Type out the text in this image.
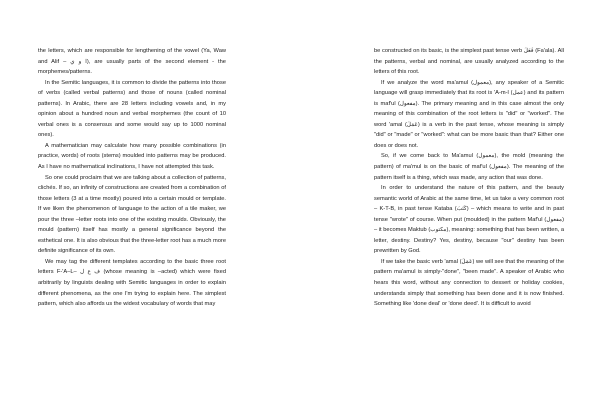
the letters, which are responsible for lengthening of the vowel (Ya, Waw and Alif – ا و ي), are usually parts of the second element - the morphemes/patterns.

In the Semitic languages, it is common to divide the patterns into those of verbs (called verbal patterns) and those of nouns (called nominal patterns). In Arabic, there are 28 letters including vowels and, in my opinion about a hundred noun and verbal morphemes (the count of 10 verbal ones is a consensus and some would say up to 1000 nominal ones).

A mathematician may calculate how many possible combinations (in practice, words) of roots (stems) moulded into patterns may be produced. As I have no mathematical inclinations, I have not attempted this task.

So one could proclaim that we are talking about a collection of patterns, clichés. If so, an infinity of constructions are created from a combination of those letters (3 at a time mostly) poured into a certain mould or template. If we liken the phenomenon of language to the action of a tile maker, we pour the three –letter roots into one of the existing moulds. Obviously, the mould (pattern) itself has mostly a general significance beyond the esthetical one. It is also obvious that the three-letter root has a much more definite significance of its own.

We may tag the different templates according to the basic three root letters F-'A–L– ف ع ل (whose meaning is –acted) which were fixed arbitrarily by linguists dealing with Semitic languages in order to explain different phenomena, as the one I'm trying to explain here. The simplest pattern, which also affords us the widest vocabulary of words that may

be constructed on its basic, is the simplest past tense verb فَعَلَ (Fa'ala). All the patterns, verbal and nominal, are usually analyzed according to the letters of this root.

If we analyze the word ma'amul (معمول), any speaker of a Semitic language will grasp immediately that its root is 'A-m-l (عمل) and its pattern is maf'ul (مفعول). The primary meaning and in this case almost the only meaning of this combination of the root letters is "did" or "worked". The word 'amal (عَمَلَ) is a verb in the past tense, whose meaning is simply "did" or "made" or "worked": what can be more basic than that? Either one does or does not.

So, if we come back to Ma'amul (معمول), the mold (meaning the pattern) of ma'mul is on the basic of maf'ul (مفعول). The meaning of the pattern itself is a thing, which was made, any action that was done.

In order to understand the nature of this pattern, and the beauty semantic world of Arabic at the same time, let us take a very common root – K-T-B, in past tense Kataba (كَتَبَ) – which means to write and in past tense "wrote" of course. When put (moulded) in the pattern Maf'ul (مفعول) – it becomes Maktub (مكتوب), meaning: something that has been written, a letter, destiny. Destiny? Yes, destiny, because "our" destiny has been prewritten by God.

If we take the basic verb 'amal (عَمَلَ) we will see that the meaning of the pattern ma'amul is simply-"done", "been made". A speaker of Arabic who hears this word, without any connection to dessert or holiday cookies, understands simply that something has been done and it is now finished. Something like 'done deal' or 'done deed'. It is difficult to avoid
